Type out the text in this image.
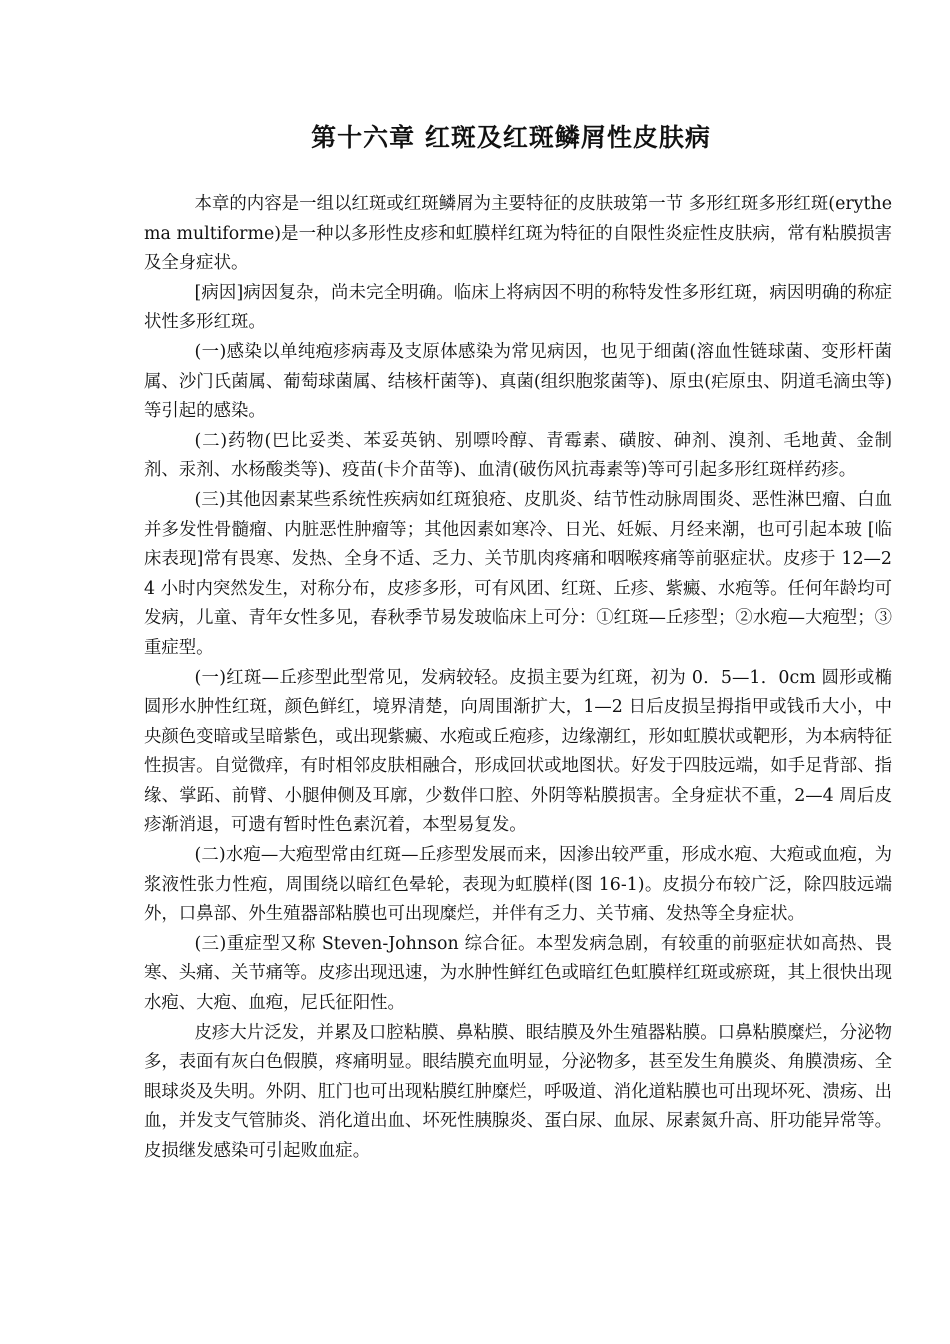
第十六章 红斑及红斑鳞屑性皮肤病

本章的内容是一组以红斑或红斑鳞屑为主要特征的皮肤玻第一节 多形红斑多形红斑(erythema multiforme)是一种以多形性皮疹和虹膜样红斑为特征的自限性炎症性皮肤病，常有粘膜损害及全身症状。

[病因]病因复杂，尚未完全明确。临床上将病因不明的称特发性多形红斑，病因明确的称症状性多形红斑。

(一)感染以单纯疱疹病毒及支原体感染为常见病因，也见于细菌(溶血性链球菌、变形杆菌属、沙门氏菌属、葡萄球菌属、结核杆菌等)、真菌(组织胞浆菌等)、原虫(疟原虫、阴道毛滴虫等)等引起的感染。

(二)药物(巴比妥类、苯妥英钠、别嘌呤醇、青霉素、磺胺、砷剂、溴剂、毛地黄、金制剂、汞剂、水杨酸类等)、疫苗(卡介苗等)、血清(破伤风抗毒素等)等可引起多形红斑样药疹。

(三)其他因素某些系统性疾病如红斑狼疮、皮肌炎、结节性动脉周围炎、恶性淋巴瘤、白血并多发性骨髓瘤、内脏恶性肿瘤等；其他因素如寒冷、日光、妊娠、月经来潮，也可引起本玻 [临床表现]常有畏寒、发热、全身不适、乏力、关节肌肉疼痛和咽喉疼痛等前驱症状。皮疹于 12—24 小时内突然发生，对称分布，皮疹多形，可有风团、红斑、丘疹、紫癜、水疱等。任何年龄均可发病，儿童、青年女性多见，春秋季节易发玻临床上可分：①红斑—丘疹型；②水疱—大疱型；③重症型。

(一)红斑—丘疹型此型常见，发病较轻。皮损主要为红斑，初为 0．5—1．0cm 圆形或椭圆形水肿性红斑，颜色鲜红，境界清楚，向周围渐扩大，1—2 日后皮损呈拇指甲或钱币大小，中央颜色变暗或呈暗紫色，或出现紫癜、水疱或丘疱疹，边缘潮红，形如虹膜状或靶形，为本病特征性损害。自觉微痒，有时相邻皮肤相融合，形成回状或地图状。好发于四肢远端，如手足背部、指缘、掌跖、前臂、小腿伸侧及耳廓，少数伴口腔、外阴等粘膜损害。全身症状不重，2—4 周后皮疹渐消退，可遗有暂时性色素沉着，本型易复发。

(二)水疱—大疱型常由红斑—丘疹型发展而来，因渗出较严重，形成水疱、大疱或血疱，为浆液性张力性疱，周围绕以暗红色晕轮，表现为虹膜样(图 16-1)。皮损分布较广泛，除四肢远端外，口鼻部、外生殖器部粘膜也可出现糜烂，并伴有乏力、关节痛、发热等全身症状。

(三)重症型又称 Steven-Johnson 综合征。本型发病急剧，有较重的前驱症状如高热、畏寒、头痛、关节痛等。皮疹出现迅速，为水肿性鲜红色或暗红色虹膜样红斑或瘀斑，其上很快出现水疱、大疱、血疱，尼氏征阳性。

皮疹大片泛发，并累及口腔粘膜、鼻粘膜、眼结膜及外生殖器粘膜。口鼻粘膜糜烂，分泌物多，表面有灰白色假膜，疼痛明显。眼结膜充血明显，分泌物多，甚至发生角膜炎、角膜溃疡、全眼球炎及失明。外阴、肛门也可出现粘膜红肿糜烂，呼吸道、消化道粘膜也可出现坏死、溃疡、出血，并发支气管肺炎、消化道出血、坏死性胰腺炎、蛋白尿、血尿、尿素氮升高、肝功能异常等。皮损继发感染可引起败血症。
